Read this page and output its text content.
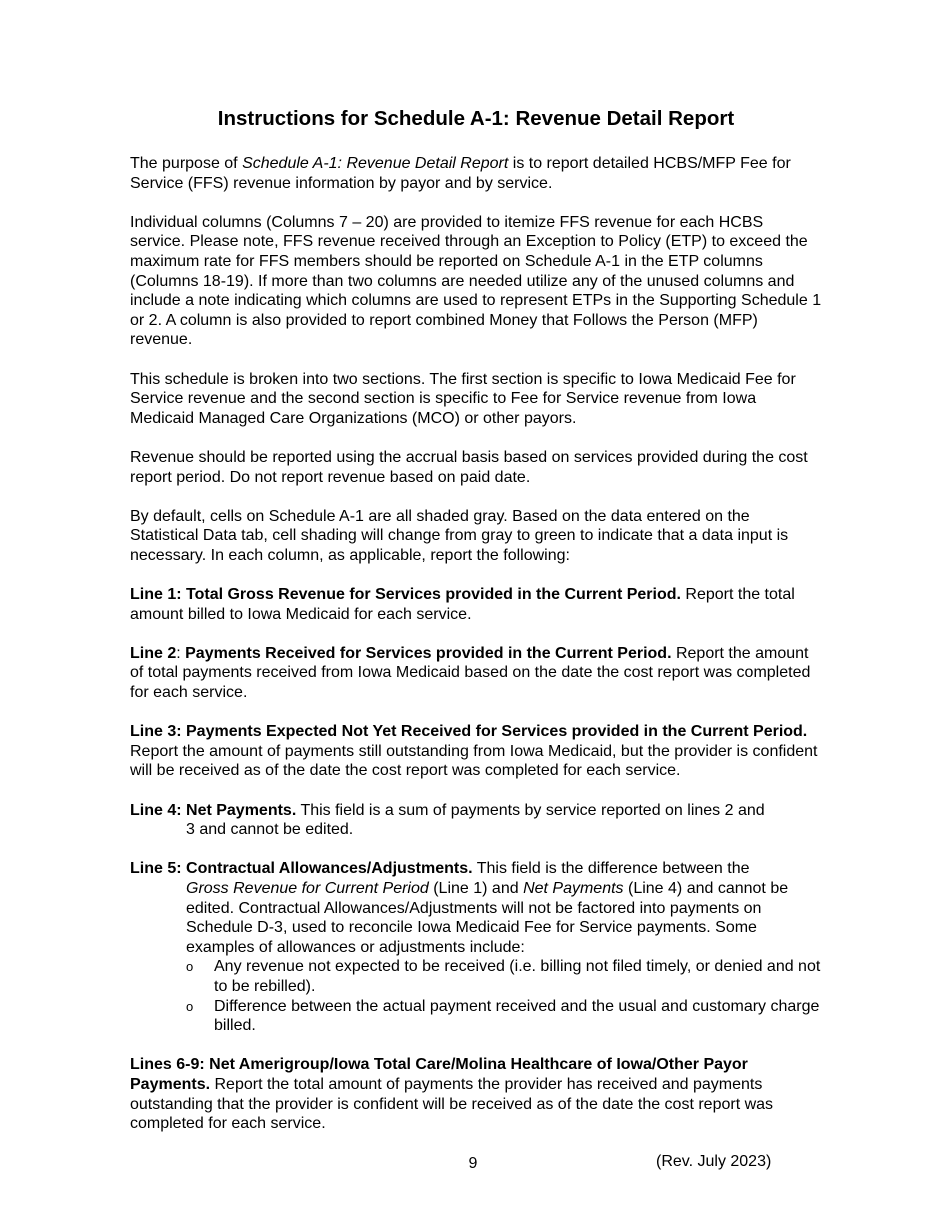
Instructions for Schedule A-1: Revenue Detail Report

The purpose of Schedule A-1: Revenue Detail Report is to report detailed HCBS/MFP Fee for Service (FFS) revenue information by payor and by service.

Individual columns (Columns 7 – 20) are provided to itemize FFS revenue for each HCBS service. Please note, FFS revenue received through an Exception to Policy (ETP) to exceed the maximum rate for FFS members should be reported on Schedule A-1 in the ETP columns (Columns 18-19). If more than two columns are needed utilize any of the unused columns and include a note indicating which columns are used to represent ETPs in the Supporting Schedule 1 or 2. A column is also provided to report combined Money that Follows the Person (MFP) revenue.

This schedule is broken into two sections. The first section is specific to Iowa Medicaid Fee for Service revenue and the second section is specific to Fee for Service revenue from Iowa Medicaid Managed Care Organizations (MCO) or other payors.

Revenue should be reported using the accrual basis based on services provided during the cost report period. Do not report revenue based on paid date.

By default, cells on Schedule A-1 are all shaded gray. Based on the data entered on the Statistical Data tab, cell shading will change from gray to green to indicate that a data input is necessary. In each column, as applicable, report the following:

Line 1: Total Gross Revenue for Services provided in the Current Period. Report the total amount billed to Iowa Medicaid for each service.

Line 2: Payments Received for Services provided in the Current Period. Report the amount of total payments received from Iowa Medicaid based on the date the cost report was completed for each service.

Line 3: Payments Expected Not Yet Received for Services provided in the Current Period. Report the amount of payments still outstanding from Iowa Medicaid, but the provider is confident will be received as of the date the cost report was completed for each service.

Line 4: Net Payments. This field is a sum of payments by service reported on lines 2 and
3 and cannot be edited.
Line 5: Contractual Allowances/Adjustments. This field is the difference between the
Gross Revenue for Current Period (Line 1) and Net Payments (Line 4) and cannot be edited. Contractual Allowances/Adjustments will not be factored into payments on Schedule D-3, used to reconcile Iowa Medicaid Fee for Service payments. Some examples of allowances or adjustments include:
o Any revenue not expected to be received (i.e. billing not filed timely, or denied and not to be rebilled).
o Difference between the actual payment received and the usual and customary charge billed.

Lines 6-9: Net Amerigroup/Iowa Total Care/Molina Healthcare of Iowa/Other Payor Payments. Report the total amount of payments the provider has received and payments outstanding that the provider is confident will be received as of the date the cost report was completed for each service.

9	(Rev. July 2023)
